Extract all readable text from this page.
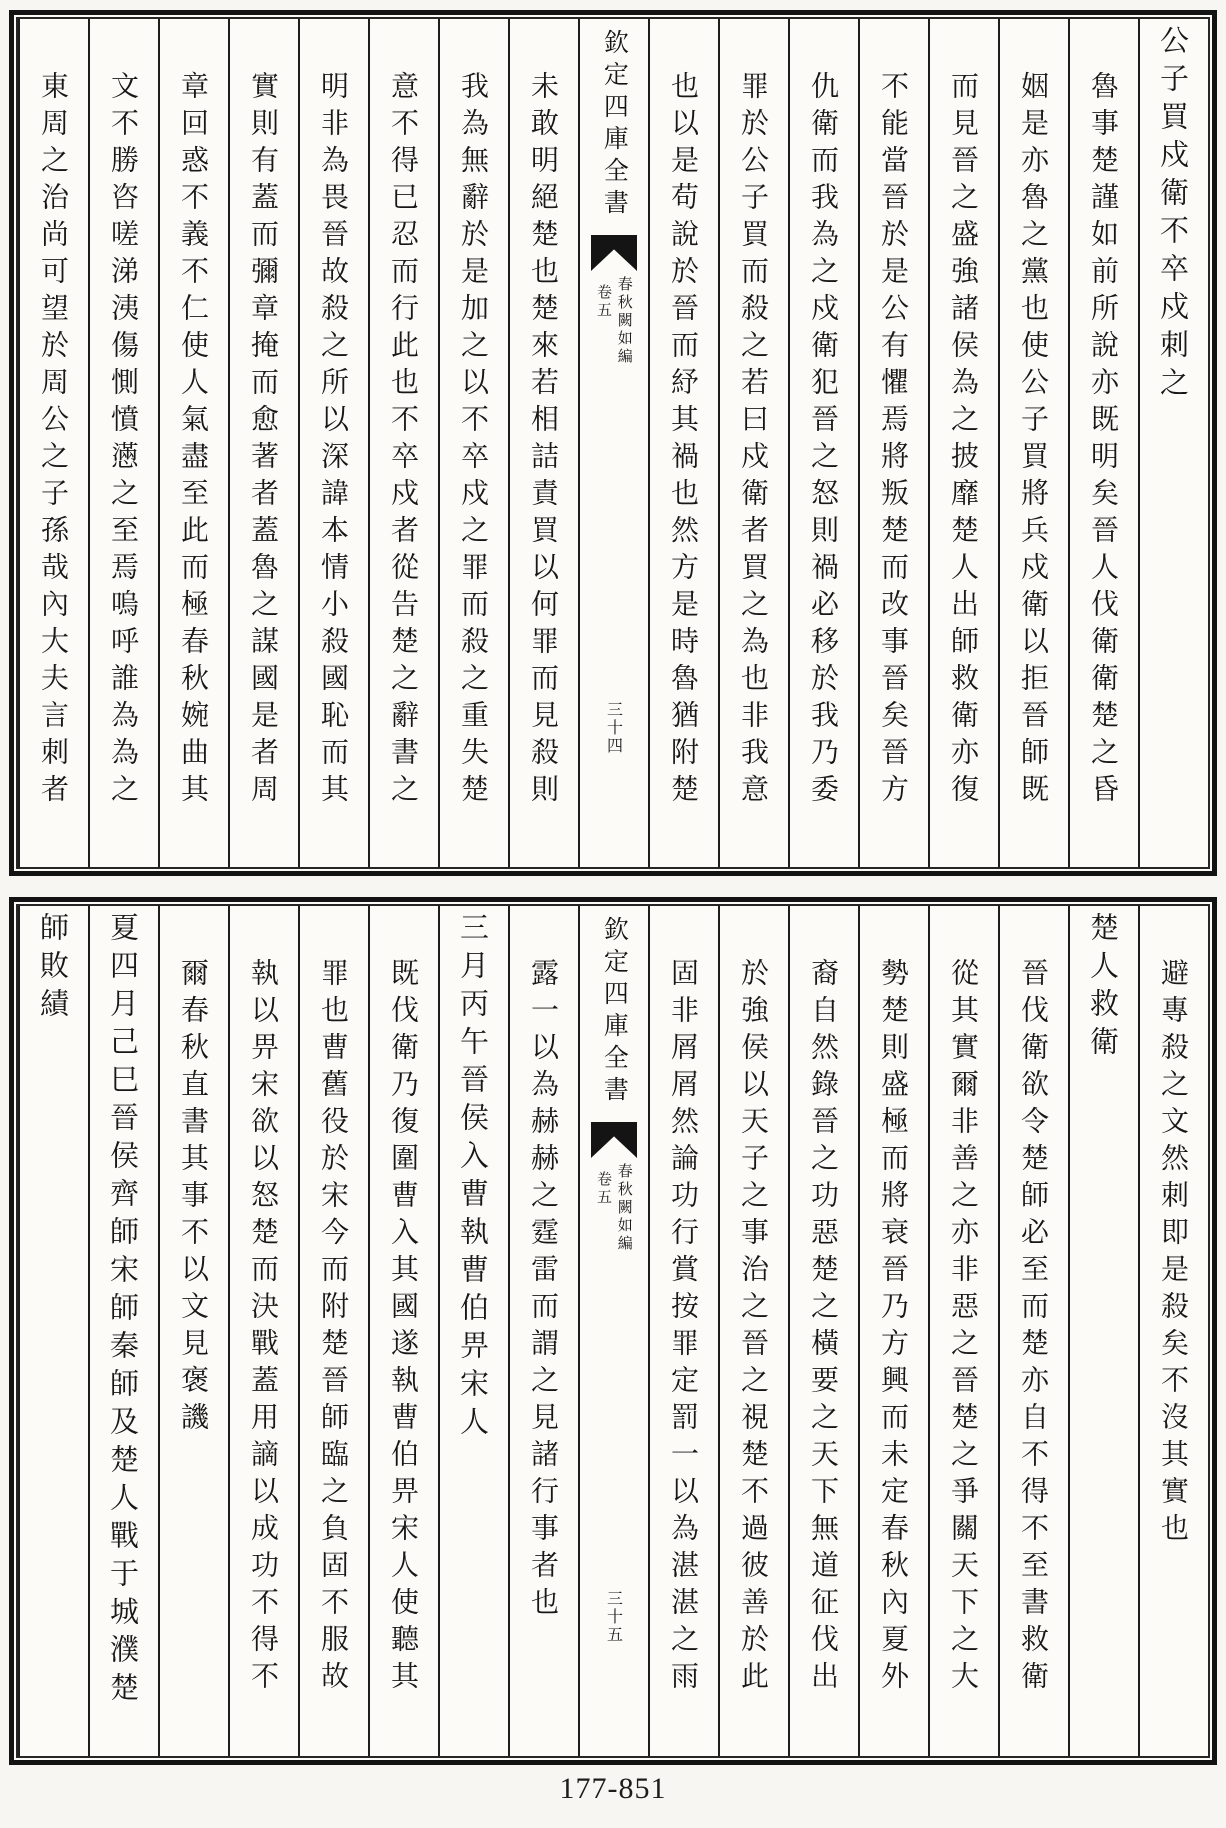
公子買戍衛不卒戍刺之
魯事楚謹如前所說亦既明矣晉人伐衛衛楚之昏
姻是亦魯之黨也使公子買將兵戍衛以拒晉師既
而見晉之盛強諸侯為之披靡楚人出師救衛亦復
不能當晉於是公有懼焉將叛楚而改事晉矣晉方
仇衛而我為之戍衛犯晉之怒則禍必移於我乃委
罪於公子買而殺之若曰戍衛者買之為也非我意
也以是苟說於晉而紓其禍也然方是時魯猶附楚
欽定四庫全書
春秋闕如編
卷五
三十四
未敢明絕楚也楚來若相詰責買以何罪而見殺則
我為無辭於是加之以不卒戍之罪而殺之重失楚
意不得已忍而行此也不卒戍者從告楚之辭書之
明非為畏晉故殺之所以深諱本情小殺國恥而其
實則有蓋而彌章掩而愈著者蓋魯之謀國是者周
章回惑不義不仁使人氣盡至此而極春秋婉曲其
文不勝咨嗟涕洟傷惻憤懣之至焉嗚呼誰為為之
東周之治尚可望於周公之子孫哉內大夫言刺者
避專殺之文然刺即是殺矣不沒其實也
楚人救衛
晉伐衛欲令楚師必至而楚亦自不得不至書救衛
從其實爾非善之亦非惡之晉楚之爭關天下之大
勢楚則盛極而將衰晉乃方興而未定春秋內夏外
裔自然錄晉之功惡楚之橫要之天下無道征伐出
於強侯以天子之事治之晉之視楚不過彼善於此
固非屑屑然論功行賞按罪定罰一以為湛湛之雨
欽定四庫全書
春秋闕如編
卷五
三十五
露一以為赫赫之霆雷而謂之見諸行事者也
三月丙午晉侯入曹執曹伯畀宋人
既伐衛乃復圍曹入其國遂執曹伯畀宋人使聽其
罪也曹舊役於宋今而附楚晉師臨之負固不服故
執以畀宋欲以怒楚而決戰蓋用謫以成功不得不
爾春秋直書其事不以文見褒譏
夏四月己巳晉侯齊師宋師秦師及楚人戰于城濮楚
師敗績
177-851
